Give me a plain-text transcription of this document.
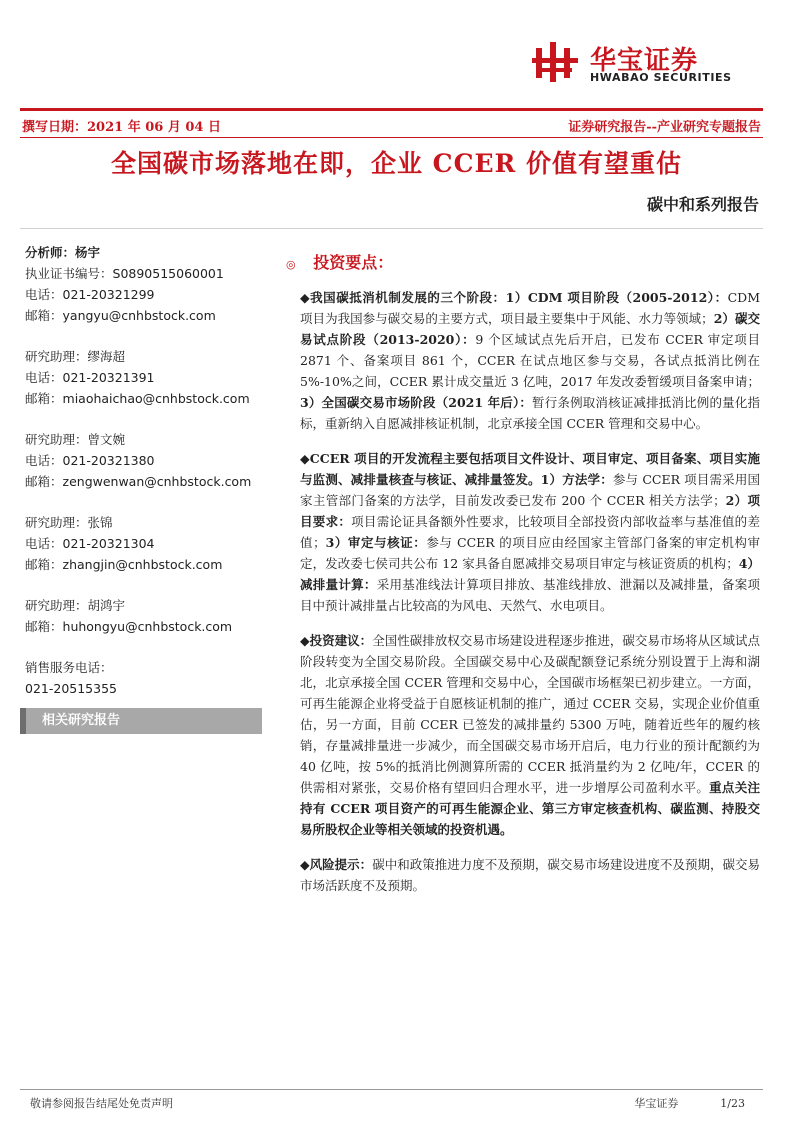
华宝证券
HWABAO SECURITIES
撰写日期：2021 年 06 月 04 日	证券研究报告--产业研究专题报告
全国碳市场落地在即，企业 CCER 价值有望重估
碳中和系列报告
分析师：杨宇
执业证书编号：S0890515060001
电话：021-20321299
邮箱：yangyu@cnhbstock.com
研究助理：缪海超
电话：021-20321391
邮箱：miaohaichao@cnhbstock.com
研究助理：曾文婉
电话：021-20321380
邮箱：zengwenwan@cnhbstock.com
研究助理：张锦
电话：021-20321304
邮箱：zhangjin@cnhbstock.com
研究助理：胡鸿宇
邮箱：huhongyu@cnhbstock.com
销售服务电话：
021-20515355
相关研究报告
◎ 投资要点：

◆我国碳抵消机制发展的三个阶段：1）CDM 项目阶段（2005-2012）：CDM 项目为我国参与碳交易的主要方式，项目最主要集中于风能、水力等领域；2）碳交易试点阶段（2013-2020）：9 个区域试点先后开启，已发布 CCER 审定项目 2871 个、备案项目 861 个，CCER 在试点地区参与交易，各试点抵消比例在 5%-10%之间，CCER 累计成交量近 3 亿吨，2017 年发改委暂缓项目备案申请；3）全国碳交易市场阶段（2021 年后）：暂行条例取消核证减排抵消比例的量化指标，重新纳入自愿减排核证机制，北京承接全国 CCER 管理和交易中心。

◆CCER 项目的开发流程主要包括项目文件设计、项目审定、项目备案、项目实施与监测、减排量核查与核证、减排量签发。1）方法学：参与 CCER 项目需采用国家主管部门备案的方法学，目前发改委已发布 200 个 CCER 相关方法学；2）项目要求：项目需论证具备额外性要求，比较项目全部投资内部收益率与基准值的差值；3）审定与核证：参与 CCER 的项目应由经国家主管部门备案的审定机构审定，发改委七侯司共公布 12 家具备自愿减排交易项目审定与核证资质的机构；4）减排量计算：采用基准线法计算项目排放、基准线排放、泄漏以及减排量，备案项目中预计减排量占比较高的为风电、天然气、水电项目。

◆投资建议：全国性碳排放权交易市场建设进程逐步推进，碳交易市场将从区域试点阶段转变为全国交易阶段。全国碳交易中心及碳配额登记系统分别设置于上海和湖北，北京承接全国 CCER 管理和交易中心，全国碳市场框架已初步建立。一方面，可再生能源企业将受益于自愿核证机制的推广，通过 CCER 交易，实现企业价值重估，另一方面，目前 CCER 已签发的减排量约 5300 万吨，随着近些年的履约核销，存量减排量进一步减少，而全国碳交易市场开启后，电力行业的预计配额约为 40 亿吨，按 5%的抵消比例测算所需的 CCER 抵消量约为 2 亿吨/年，CCER 的供需相对紧张，交易价格有望回归合理水平，进一步增厚公司盈利水平。重点关注持有 CCER 项目资产的可再生能源企业、第三方审定核查机构、碳监测、持股交易所股权企业等相关领域的投资机遇。

◆风险提示：碳中和政策推进力度不及预期，碳交易市场建设进度不及预期，碳交易市场活跃度不及预期。

敬请参阅报告结尾处免责声明	华宝证券	1/23
